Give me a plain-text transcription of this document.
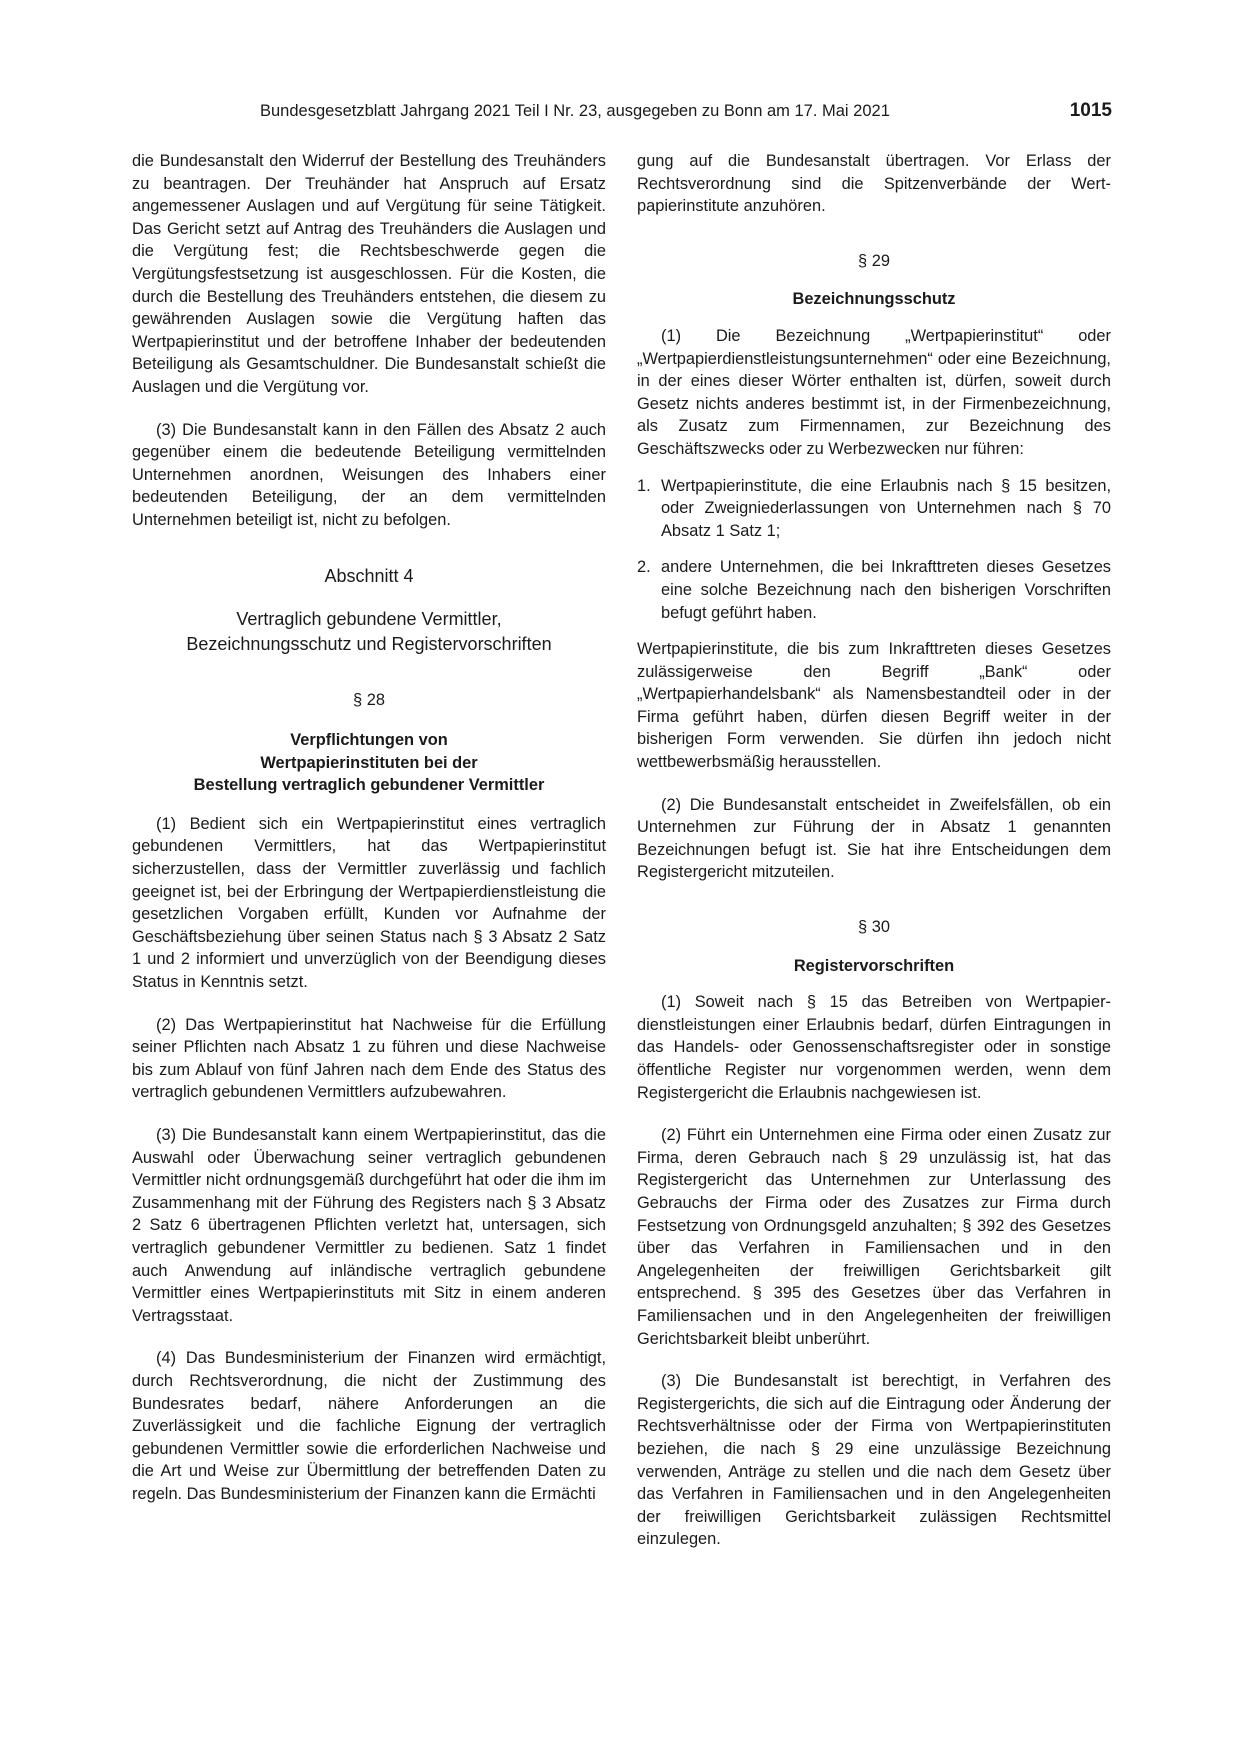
Bundesgesetzblatt Jahrgang 2021 Teil I Nr. 23, ausgegeben zu Bonn am 17. Mai 2021	1015

die Bundesanstalt den Widerruf der Bestellung des Treuhänders zu beantragen. Der Treuhänder hat Anspruch auf Ersatz angemessener Auslagen und auf Vergütung für seine Tätigkeit. Das Gericht setzt auf Antrag des Treuhänders die Auslagen und die Vergütung fest; die Rechtsbeschwerde gegen die Vergütungsfestsetzung ist ausgeschlossen. Für die Kosten, die durch die Bestellung des Treuhänders entstehen, die diesem zu gewährenden Auslagen sowie die Vergütung haften das Wertpapierinstitut und der betroffene Inhaber der bedeutenden Beteiligung als Gesamtschuldner. Die Bundesanstalt schießt die Auslagen und die Vergütung vor.

(3) Die Bundesanstalt kann in den Fällen des Absatz 2 auch gegenüber einem die bedeutende Beteiligung vermittelnden Unternehmen anordnen, Weisungen des Inhabers einer bedeutenden Beteiligung, der an dem vermittelnden Unternehmen beteiligt ist, nicht zu befolgen.

Abschnitt 4

Vertraglich gebundene Vermittler,

Bezeichnungsschutz und Registervorschriften

§ 28

Verpflichtungen von

Wertpapierinstituten bei der

Bestellung vertraglich gebundener Vermittler

(1) Bedient sich ein Wertpapierinstitut eines vertraglich gebundenen Vermittlers, hat das Wertpapierinstitut sicherzustellen, dass der Vermittler zuverlässig und fachlich geeignet ist, bei der Erbringung der Wertpapierdienstleistung die gesetzlichen Vorgaben erfüllt, Kunden vor Aufnahme der Geschäftsbeziehung über seinen Status nach § 3 Absatz 2 Satz 1 und 2 informiert und unverzüglich von der Beendigung dieses Status in Kenntnis setzt.

(2) Das Wertpapierinstitut hat Nachweise für die Erfüllung seiner Pflichten nach Absatz 1 zu führen und diese Nachweise bis zum Ablauf von fünf Jahren nach dem Ende des Status des vertraglich gebundenen Vermittlers aufzubewahren.

(3) Die Bundesanstalt kann einem Wertpapierinstitut, das die Auswahl oder Überwachung seiner vertraglich gebundenen Vermittler nicht ordnungsgemäß durchgeführt hat oder die ihm im Zusammenhang mit der Führung des Registers nach § 3 Absatz 2 Satz 6 übertragenen Pflichten verletzt hat, untersagen, sich vertraglich gebundener Vermittler zu bedienen. Satz 1 findet auch Anwendung auf inländische vertraglich gebundene Vermittler eines Wertpapierinstituts mit Sitz in einem anderen Vertragsstaat.

(4) Das Bundesministerium der Finanzen wird ermächtigt, durch Rechtsverordnung, die nicht der Zustimmung des Bundesrates bedarf, nähere Anforderungen an die Zuverlässigkeit und die fachliche Eignung der vertraglich gebundenen Vermittler sowie die erforderlichen Nachweise und die Art und Weise zur Übermittlung der betreffenden Daten zu regeln. Das Bundesministerium der Finanzen kann die Ermächti

gung auf die Bundesanstalt übertragen. Vor Erlass der Rechtsverordnung sind die Spitzenverbände der Wertpapierinstitute anzuhören.

§ 29

Bezeichnungsschutz

(1) Die Bezeichnung „Wertpapierinstitut“ oder „Wertpapierdienstleistungsunternehmen“ oder eine Bezeichnung, in der eines dieser Wörter enthalten ist, dürfen, soweit durch Gesetz nichts anderes bestimmt ist, in der Firmenbezeichnung, als Zusatz zum Firmennamen, zur Bezeichnung des Geschäftszwecks oder zu Werbezwecken nur führen:

1. Wertpapierinstitute, die eine Erlaubnis nach § 15 besitzen, oder Zweigniederlassungen von Unternehmen nach § 70 Absatz 1 Satz 1;
2. andere Unternehmen, die bei Inkrafttreten dieses Gesetzes eine solche Bezeichnung nach den bisherigen Vorschriften befugt geführt haben.

Wertpapierinstitute, die bis zum Inkrafttreten dieses Gesetzes zulässigerweise den Begriff „Bank“ oder „Wertpapierhandelsbank“ als Namensbestandteil oder in der Firma geführt haben, dürfen diesen Begriff weiter in der bisherigen Form verwenden. Sie dürfen ihn jedoch nicht wettbewerbsmäßig herausstellen.

(2) Die Bundesanstalt entscheidet in Zweifelsfällen, ob ein Unternehmen zur Führung der in Absatz 1 genannten Bezeichnungen befugt ist. Sie hat ihre Entscheidungen dem Registergericht mitzuteilen.

§ 30

Registervorschriften

(1) Soweit nach § 15 das Betreiben von Wertpapierdienstleistungen einer Erlaubnis bedarf, dürfen Eintragungen in das Handels- oder Genossenschaftsregister oder in sonstige öffentliche Register nur vorgenommen werden, wenn dem Registergericht die Erlaubnis nachgewiesen ist.

(2) Führt ein Unternehmen eine Firma oder einen Zusatz zur Firma, deren Gebrauch nach § 29 unzulässig ist, hat das Registergericht das Unternehmen zur Unterlassung des Gebrauchs der Firma oder des Zusatzes zur Firma durch Festsetzung von Ordnungsgeld anzuhalten; § 392 des Gesetzes über das Verfahren in Familiensachen und in den Angelegenheiten der freiwilligen Gerichtsbarkeit gilt entsprechend. § 395 des Gesetzes über das Verfahren in Familiensachen und in den Angelegenheiten der freiwilligen Gerichtsbarkeit bleibt unberührt.

(3) Die Bundesanstalt ist berechtigt, in Verfahren des Registergerichts, die sich auf die Eintragung oder Änderung der Rechtsverhältnisse oder der Firma von Wertpapierinstituten beziehen, die nach § 29 eine unzulässige Bezeichnung verwenden, Anträge zu stellen und die nach dem Gesetz über das Verfahren in Familiensachen und in den Angelegenheiten der freiwilligen Gerichtsbarkeit zulässigen Rechtsmittel einzulegen.
